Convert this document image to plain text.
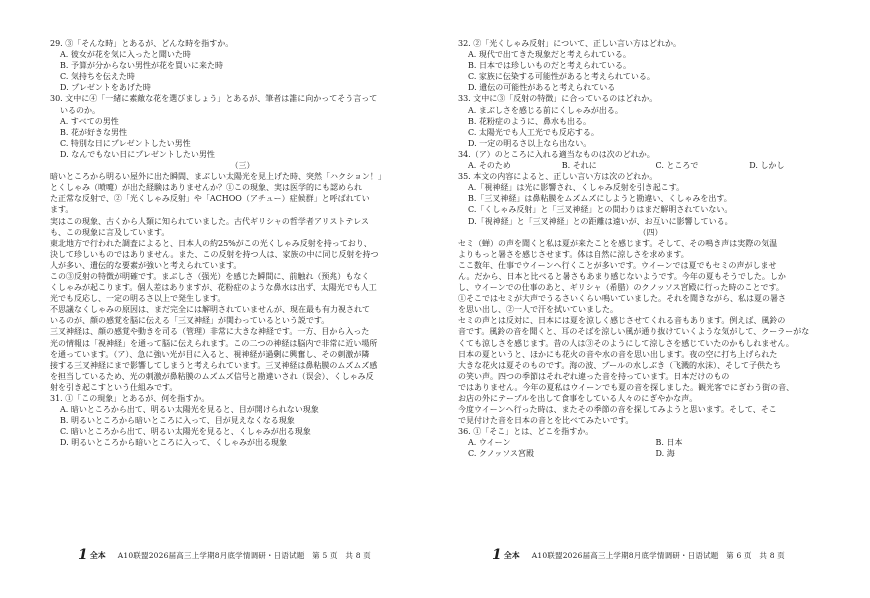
29. ③「そんな時」とあるが、どんな時を指すか。

A. 彼女が花を気に入ったと聞いた時

B. 予算が分からない男性が花を買いに来た時

C. 気持ちを伝えた時

D. プレゼントをあげた時

30. 文中に④「一緒に素敵な花を選びましょう」とあるが、筆者は誰に向かってそう言って

いるのか。

A. すべての男性

B. 花が好きな男性

C. 特別な日にプレゼントしたい男性

D. なんでもない日にプレゼントしたい男性

（三）

暗いところから明るい屋外に出た瞬間、まぶしい太陽光を見上げた時、突然「ハクション！」

とくしゃみ（喷嚏）が出た経験はありませんか？①この現象、実は医学的にも認められ

た正常な反射で、②「光くしゃみ反射」や「ACHOO（アチュー）症候群」と呼ばれてい

ます。

実はこの現象、古くから人類に知られていました。古代ギリシャの哲学者アリストテレス

も、この現象に言及しています。

東北地方で行われた調査によると、日本人の約25%がこの光くしゃみ反射を持っており、

決して珍しいものではありません。また、この反射を持つ人は、家族の中に同じ反射を持つ

人が多い、遺伝的な要素が強いと考えられています。

この③反射の特徴が明確です。まぶしさ（强光）を感じた瞬間に、前触れ（预兆）もなく

くしゃみが起こります。個人差はありますが、花粉症のような鼻水は出ず、太陽光でも人工

光でも反応し、一定の明るさ以上で発生します。

不思議なくしゃみの原因は、まだ完全には解明されていませんが、現在最も有力視されて

いるのが、顔の感覚を脳に伝える「三叉神経」が関わっているという説です。

三叉神経は、顔の感覚や動きを司る（管理）非常に大きな神経です。一方、目から入った

光の情報は「視神経」を通って脳に伝えられます。この二つの神経は脳内で非常に近い場所

を通っています。（ア）、急に強い光が目に入ると、視神経が過剰に興奮し、その刺激が隣

接する三叉神経にまで影響してしまうと考えられています。三叉神経は鼻粘膜のムズムズ感

を担当しているため、光の刺激が鼻粘膜のムズムズ信号と勘違いされ（误会）、くしゃみ反

射を引き起こすという仕組みです。

31. ①「この現象」とあるが、何を指すか。

A. 暗いところから出て、明るい太陽光を見ると、目が開けられない現象

B. 明るいところから暗いところに入って、目が見えなくなる現象

C. 暗いところから出て、明るい太陽光を見ると、くしゃみが出る現象

D. 明るいところから暗いところに入って、くしゃみが出る現象

32. ②「光くしゃみ反射」について、正しい言い方はどれか。

A. 現代で出てきた現象だと考えられている。

B. 日本では珍しいものだと考えられている。

C. 家族に伝染する可能性があると考えられている。

D. 遺伝の可能性があると考えられている

33. 文中に③「反射の特徴」に合っているのはどれか。

A. まぶしさを感じる前にくしゃみが出る。

B. 花粉症のように、鼻水も出る。

C. 太陽光でも人工光でも反応する。

D. 一定の明るさ以上なら出ない。

34.（ア）のところに入れる適当なものは次のどれか。

A. そのため	B. それに	C. ところで	D. しかし

35. 本文の内容によると、正しい言い方は次のどれか。

A.「視神経」は光に影響され、くしゃみ反射を引き起こす。

B.「三叉神経」は鼻粘膜をムズムズにしようと勘違い、くしゃみを出す。

C.「くしゃみ反射」と「三叉神経」との間わりはまだ解明されていない。

D.「視神経」と「三叉神経」との距離は遠いが、お互いに影響している。

（四）

セミ（蝉）の声を聞くと私は夏が来たことを感じます。そして、その鳴き声は実際の気温

よりもっと暑さを感じさせます。体は自然に涼しさを求めます。

ここ数年、仕事でウイーンへ行くことが多いです。ウイーンでは夏でもセミの声がしませ

ん。だから、日本と比べると暑さもあまり感じないようです。今年の夏もそうでした。しか

し、ウイーンでの仕事のあと、ギリシャ（希腊）のクノッソス宮殿に行った時のことです。

①そこではセミが大声でうるさいくらい鳴いていました。それを聞きながら、私は夏の暑さ

を思い出し、②一人で汗を拭いていました。

セミの声とは反対に、日本には夏を涼しく感じさせてくれる音もあります。例えば、風鈴の

音です。風鈴の音を聞くと、耳のそばを涼しい風が通り抜けていくような気がして、クーラーがな

くても涼しさを感じます。昔の人は③そのようにして涼しさを感じていたのかもしれません。

日本の夏というと、ほかにも花火の音や水の音を思い出します。夜の空に打ち上げられた

大きな花火は夏そのものです。海の波、プールの水しぶき（飞溅的水沫）、そして子供たち

の笑い声。四つの季節はそれぞれ違った音を持っています。日本だけのもの

ではありません。今年の夏私はウイーンでも夏の音を探しました。観光客でにぎわう街の音、

お店の外にテーブルを出して食事をしている人々のにぎやかな声。

今度ウイーンへ行った時は、またその季節の音を探してみようと思います。そして、そこ

で見付けた音を日本の音とを比べてみたいです。

36. ①「そこ」とは、どこを指すか。

A. ウイーン	B. 日本
C. クノッソス宮殿	D. 海
1 全本 A10联盟2026届高三上学期8月底学情调研・日语试题　第 5 页　共 8 页	1 全本 A10联盟2026届高三上学期8月底学情调研・日语试题　第 6 页　共 8 页
